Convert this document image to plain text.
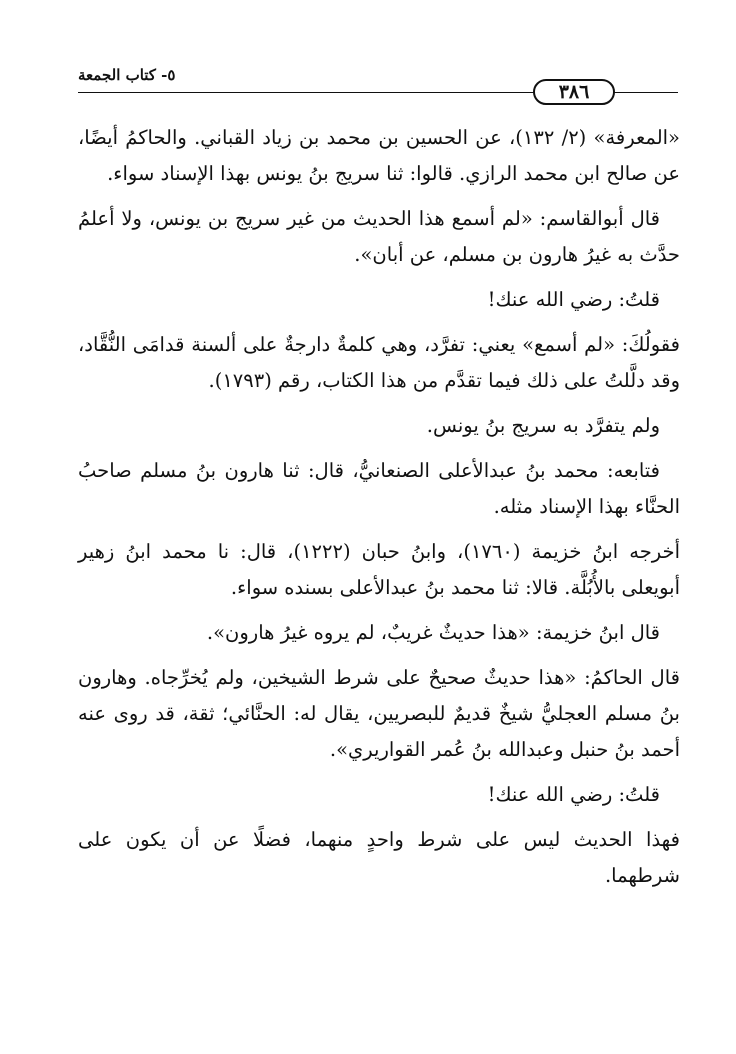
٥- كتاب الجمعة
٣٨٦

«المعرفة» (٢/ ١٣٢)، عن الحسين بن محمد بن زياد القباني. والحاكمُ أيضًا، عن صالح ابن محمد الرازي. قالوا: ثنا سريج بنُ يونس بهذا الإسناد سواء.

قال أبوالقاسم: «لم أسمع هذا الحديث من غير سريج بن يونس، ولا أعلمُ حدَّث به غيرُ هارون بن مسلم، عن أبان».

قلتُ: رضي الله عنك!

فقولُكَ: «لم أسمع» يعني: تفرَّد، وهي كلمةٌ دارجةٌ على ألسنة قدامَى النُّقَّاد، وقد دلَّلتُ على ذلك فيما تقدَّم من هذا الكتاب، رقم (١٧٩٣).

ولم يتفرَّد به سريج بنُ يونس.

فتابعه: محمد بنُ عبدالأعلى الصنعانيُّ، قال: ثنا هارون بنُ مسلم صاحبُ الحنَّاء بهذا الإسناد مثله.

أخرجه ابنُ خزيمة (١٧٦٠)، وابنُ حبان (١٢٢٢)، قال: نا محمد ابنُ زهير أبويعلى بالأُبُلَّة. قالا: ثنا محمد بنُ عبدالأعلى بسنده سواء.

قال ابنُ خزيمة: «هذا حديثٌ غريبٌ، لم يروه غيرُ هارون».

قال الحاكمُ: «هذا حديثٌ صحيحٌ على شرط الشيخين، ولم يُخرِّجاه. وهارون بنُ مسلم العجليُّ شيخٌ قديمٌ للبصريين، يقال له: الحنَّائي؛ ثقة، قد روى عنه أحمد بنُ حنبل وعبدالله بنُ عُمر القواريري».

قلتُ: رضي الله عنك!

فهذا الحديث ليس على شرط واحدٍ منهما، فضلًا عن أن يكون على شرطهما.
